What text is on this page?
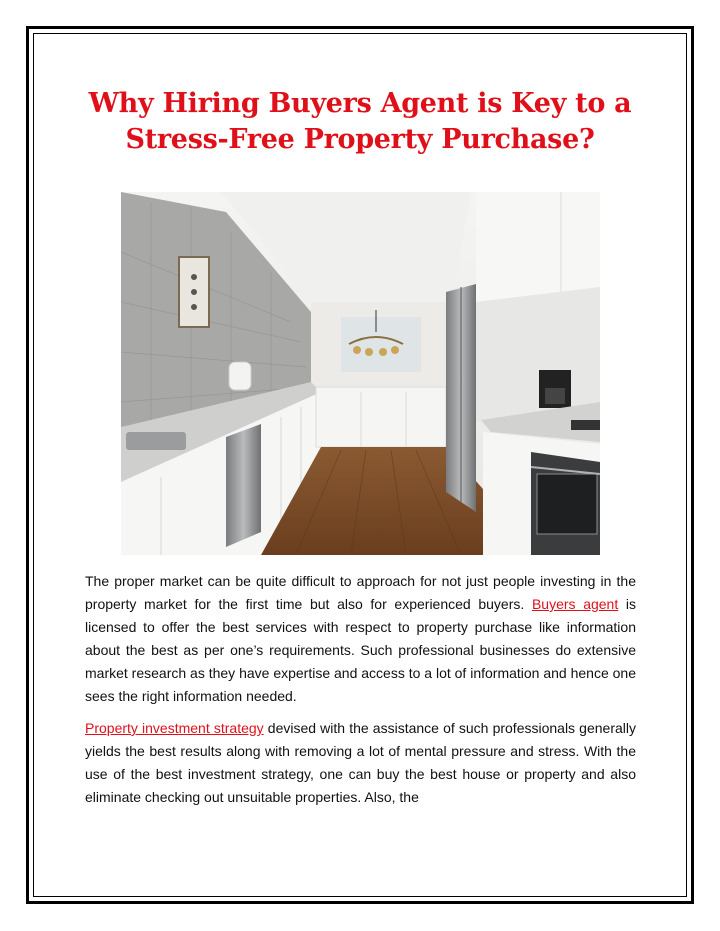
Why Hiring Buyers Agent is Key to a
Stress-Free Property Purchase?

The proper market can be quite difficult to approach for not just people investing in the property market for the first time but also for experienced buyers. Buyers agent is licensed to offer the best services with respect to property purchase like information about the best as per one’s requirements. Such professional businesses do extensive market research as they have expertise and access to a lot of information and hence one sees the right information needed.

Property investment strategy devised with the assistance of such professionals generally yields the best results along with removing a lot of mental pressure and stress. With the use of the best investment strategy, one can buy the best house or property and also eliminate checking out unsuitable properties. Also, the
